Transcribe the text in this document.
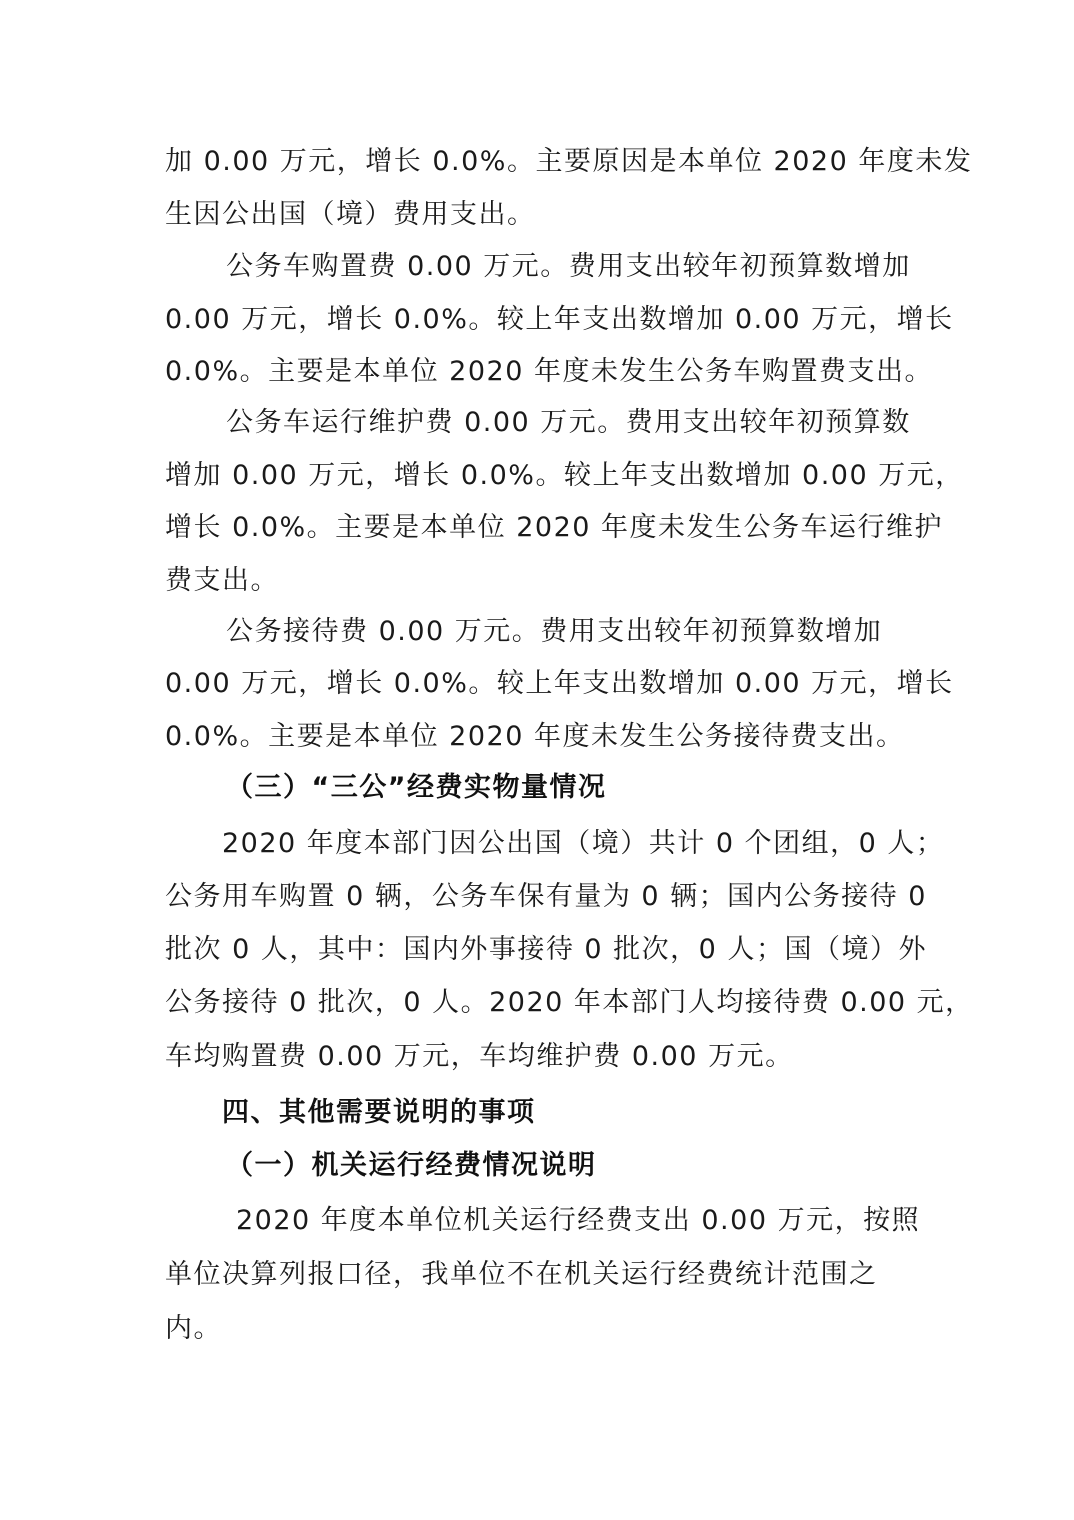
加 0.00 万元，增长 0.0%。主要原因是本单位 2020 年度未发
生因公出国（境）费用支出。
公务车购置费 0.00 万元。费用支出较年初预算数增加
0.00 万元，增长 0.0%。较上年支出数增加 0.00 万元，增长
0.0%。主要是本单位 2020 年度未发生公务车购置费支出。
公务车运行维护费 0.00 万元。费用支出较年初预算数
增加 0.00 万元，增长 0.0%。较上年支出数增加 0.00 万元，
增长 0.0%。主要是本单位 2020 年度未发生公务车运行维护
费支出。
公务接待费 0.00 万元。费用支出较年初预算数增加
0.00 万元，增长 0.0%。较上年支出数增加 0.00 万元，增长
0.0%。主要是本单位 2020 年度未发生公务接待费支出。
（三）“三公”经费实物量情况
2020 年度本部门因公出国（境）共计 0 个团组，0 人；
公务用车购置 0 辆，公务车保有量为 0 辆；国内公务接待 0
批次 0 人，其中：国内外事接待 0 批次，0 人；国（境）外
公务接待 0 批次，0 人。2020 年本部门人均接待费 0.00 元，
车均购置费 0.00 万元，车均维护费 0.00 万元。
四、其他需要说明的事项
（一）机关运行经费情况说明
2020 年度本单位机关运行经费支出 0.00 万元，按照
单位决算列报口径，我单位不在机关运行经费统计范围之
内。
